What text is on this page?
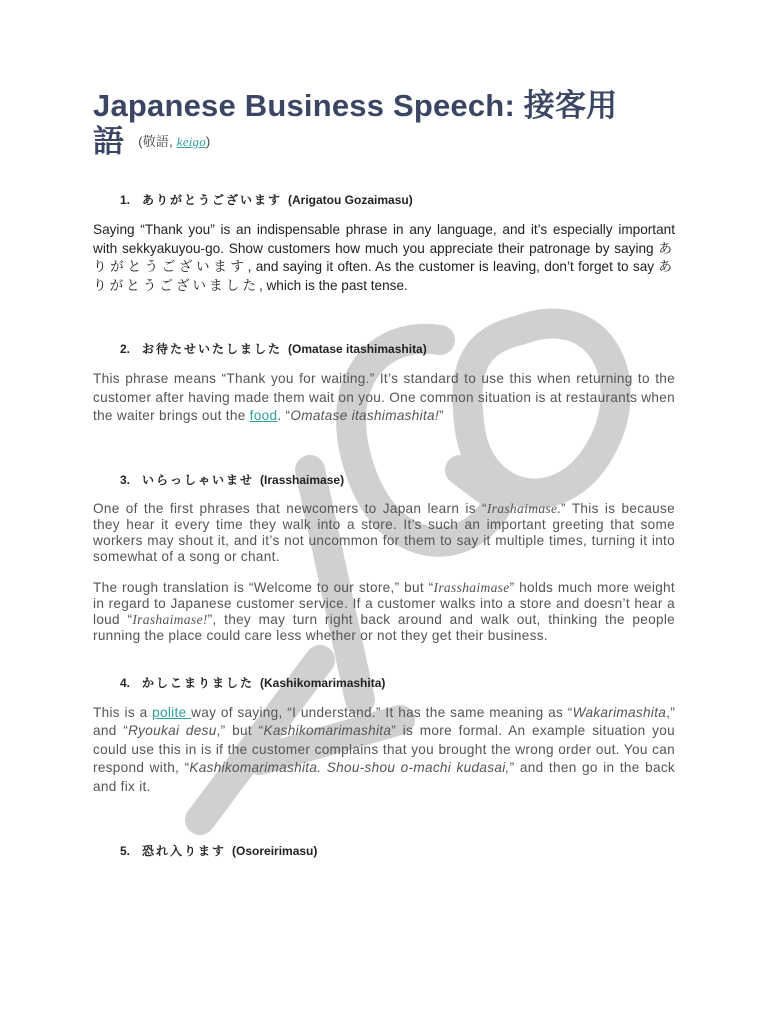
Japanese Business Speech: 接客用
語 (敬語, keigo)
1. ありがとうございます (Arigatou Gozaimasu)

Saying “Thank you” is an indispensable phrase in any language, and it’s especially important with sekkyakuyou-go. Show customers how much you appreciate their patronage by saying ありがとうございます, and saying it often. As the customer is leaving, don’t forget to say ありがとうございました, which is the past tense.

2. お待たせいたしました (Omatase itashimashita)

This phrase means “Thank you for waiting.” It’s standard to use this when returning to the customer after having made them wait on you. One common situation is at restaurants when the waiter brings out the food. “Omatase itashimashita!”

3. いらっしゃいませ (Irasshaimase)

One of the first phrases that newcomers to Japan learn is “Irashaimase.” This is because they hear it every time they walk into a store. It’s such an important greeting that some workers may shout it, and it’s not uncommon for them to say it multiple times, turning it into somewhat of a song or chant.

The rough translation is “Welcome to our store,” but “Irasshaimase” holds much more weight in regard to Japanese customer service. If a customer walks into a store and doesn’t hear a loud “Irashaimase!”, they may turn right back around and walk out, thinking the people running the place could care less whether or not they get their business.

4. かしこまりました (Kashikomarimashita)

This is a polite way of saying, “I understand.” It has the same meaning as “Wakarimashita,” and “Ryoukai desu,” but “Kashikomarimashita” is more formal. An example situation you could use this in is if the customer complains that you brought the wrong order out. You can respond with, “Kashikomarimashita. Shou-shou o-machi kudasai,” and then go in the back and fix it.

5. 恐れ入ります (Osoreirimasu)
